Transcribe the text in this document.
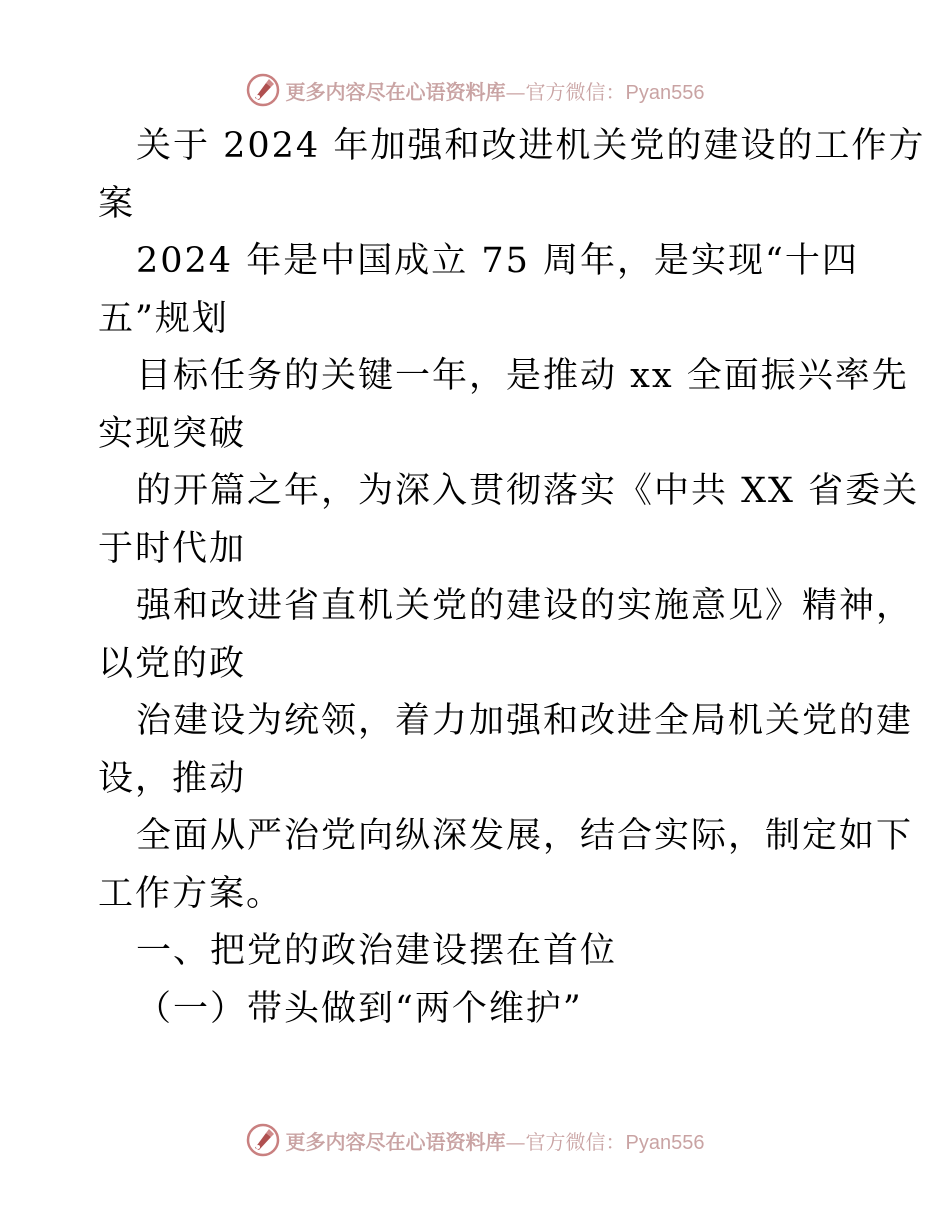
更多内容尽在心语资料库—官方微信：Pyan556
关于 2024 年加强和改进机关党的建设的工作方
案
2024 年是中国成立 75 周年，是实现“十四
五”规划
目标任务的关键一年，是推动 xx 全面振兴率先
实现突破
的开篇之年，为深入贯彻落实《中共 XX 省委关
于时代加
强和改进省直机关党的建设的实施意见》精神，
以党的政
治建设为统领，着力加强和改进全局机关党的建
设，推动
全面从严治党向纵深发展，结合实际，制定如下
工作方案。
一、把党的政治建设摆在首位
（一）带头做到“两个维护”
更多内容尽在心语资料库—官方微信：Pyan556
